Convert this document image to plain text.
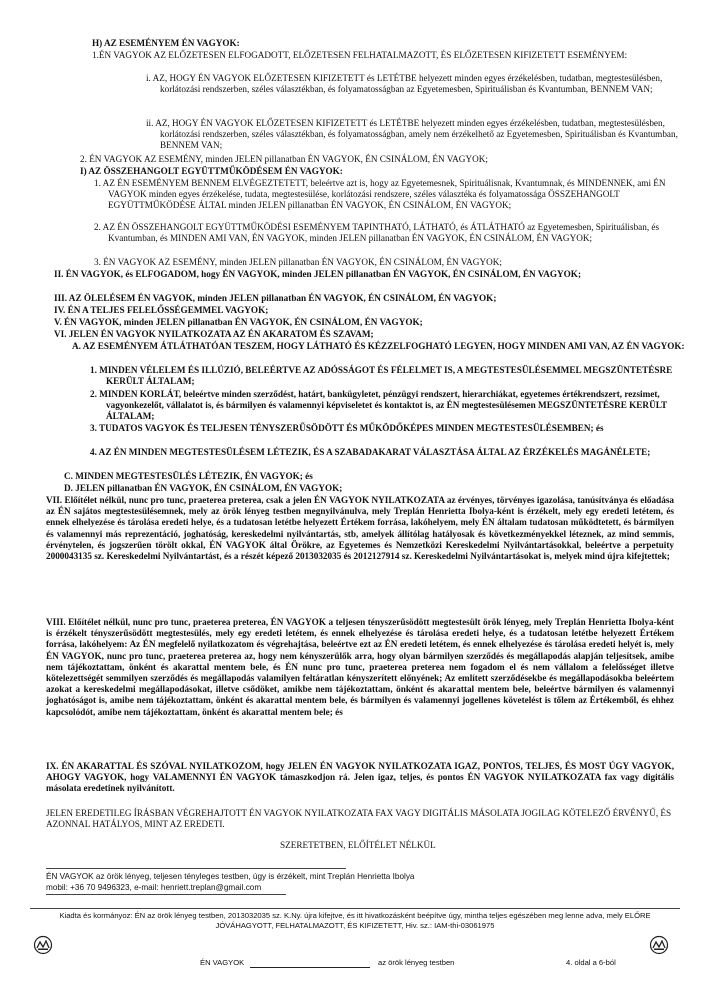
H) AZ ESEMÉNYEM ÉN VAGYOK:

1.ÉN VAGYOK AZ ELŐZETESEN ELFOGADOTT, ELŐZETESEN FELHATALMAZOTT, ÉS ELŐZETESEN KIFIZETETT ESEMÉNYEM:

i. AZ, HOGY ÉN VAGYOK ELŐZETESEN KIFIZETETT és LETÉTBE helyezett minden egyes érzékelésben, tudatban, megtestesülésben, korlátozási rendszerben, széles választékban, és folyamatosságban az Egyetemesben, Spirituálisban és Kvantumban, BENNEM VAN;

ii. AZ, HOGY ÉN VAGYOK ELŐZETESEN KIFIZETETT és LETÉTBE helyezett minden egyes érzékelésben, tudatban, megtestesülésben, korlátozási rendszerben, széles választékban, és folyamatosságban, amely nem érzékelhető az Egyetemesben, Spirituálisban és Kvantumban, BENNEM VAN;

2. ÉN VAGYOK AZ ESEMÉNY, minden JELEN pillanatban ÉN VAGYOK, ÉN CSINÁLOM, ÉN VAGYOK;

I) AZ ÖSSZEHANGOLT EGYÜTTMŰKÖDÉSEM ÉN VAGYOK:

1. AZ ÉN ESEMÉNYEM BENNEM ELVÉGEZTETETT, beleértve azt is, hogy az Egyetemesnek, Spirituálisnak, Kvantumnak, és MINDENNEK, ami ÉN VAGYOK minden egyes érzékelése, tudata, megtestesülése, korlátozási rendszere, széles választéka és folyamatossága ÖSSZEHANGOLT EGYÜTTMŰKÖDÉSE ÁLTAL minden JELEN pillanatban ÉN VAGYOK, ÉN CSINÁLOM, ÉN VAGYOK;

2. AZ ÉN ÖSSZEHANGOLT EGYÜTTMŰKÖDÉSI ESEMÉNYEM TAPINTHATÓ, LÁTHATÓ, és ÁTLÁTHATÓ az Egyetemesben, Spirituálisban, és Kvantumban, és MINDEN AMI VAN, ÉN VAGYOK, minden JELEN pillanatban ÉN VAGYOK, ÉN CSINÁLOM, ÉN VAGYOK;

3. ÉN VAGYOK AZ ESEMÉNY, minden JELEN pillanatban ÉN VAGYOK, ÉN CSINÁLOM, ÉN VAGYOK;

II. ÉN VAGYOK, és ELFOGADOM, hogy ÉN VAGYOK, minden JELEN pillanatban ÉN VAGYOK, ÉN CSINÁLOM, ÉN VAGYOK;

III. AZ ÖLELÉSEM ÉN VAGYOK, minden JELEN pillanatban ÉN VAGYOK, ÉN CSINÁLOM, ÉN VAGYOK;

IV. ÉN A TELJES FELELŐSSÉGEMMEL VAGYOK;

V. ÉN VAGYOK, minden JELEN pillanatban ÉN VAGYOK, ÉN CSINÁLOM, ÉN VAGYOK;

VI. JELEN ÉN VAGYOK NYILATKOZATA AZ ÉN AKARATOM ÉS SZAVAM;

A. AZ ESEMÉNYEM ÁTLÁTHATÓAN TESZEM, HOGY LÁTHATÓ ÉS KÉZZELFOGHATÓ LEGYEN, HOGY MINDEN AMI VAN, AZ ÉN VAGYOK:

1. MINDEN VÉLELEM ÉS ILLÚZIÓ, BELEÉRTVE AZ ADÓSSÁGOT ÉS FÉLELMET IS, A MEGTESTESÜLÉSEMMEL MEGSZÜNTETÉSRE KERÜLT ÁLTALAM;

2. MINDEN KORLÁT, beleértve minden szerződést, határt, bankügyletet, pénzügyi rendszert, hierarchiákat, egyetemes értékrendszert, rezsimet, vagyonkezelőt, vállalatot is, és bármilyen és valamennyi képviseletet és kontaktot is, az ÉN megtestesülésemen MEGSZÜNTETÉSRE KERÜLT ÁLTALAM;

3. TUDATOS VAGYOK ÉS TELJESEN TÉNYSZERŰSÖDÖTT ÉS MŰKÖDŐKÉPES MINDEN MEGTESTESÜLÉSEMBEN; és

4. AZ ÉN MINDEN MEGTESTESÜLÉSEM LÉTEZIK, ÉS A SZABADAKARAT VÁLASZTÁSA ÁLTAL AZ ÉRZÉKELÉS MAGÁNÉLETE;

C. MINDEN MEGTESTESÜLÉS LÉTEZIK, ÉN VAGYOK; és

D. JELEN pillanatban ÉN VAGYOK, ÉN CSINÁLOM, ÉN VAGYOK;

VII. Előítélet nélkül, nunc pro tunc, praeterea preterea, csak a jelen ÉN VAGYOK NYILATKOZATA az érvényes, törvényes igazolása, tanúsítványa és előadása az ÉN sajátos megtestesülésemnek, mely az örök lényeg testben megnyilvánulva, mely Treplán Henrietta Ibolya-ként is érzékelt, mely egy eredeti letétem, és ennek elhelyezése és tárolása eredeti helye, és a tudatosan letétbe helyezett Értékem forrása, lakóhelyem, mely ÉN általam tudatosan működtetett, és bármilyen és valamennyi más reprezentáció, joghatóság, kereskedelmi nyilvántartás, stb, amelyek állítólag hatályosak és következményekkel léteznek, az mind semmis, érvénytelen, és jogszerűen törölt okkal, ÉN VAGYOK által Örökre, az Egyetemes és Nemzetközi Kereskedelmi Nyilvántartásokkal, beleértve a perpetuity 2000043135 sz. Kereskedelmi Nyilvántartást, és a részét képező 2013032035 és 2012127914 sz. Kereskedelmi Nyilvántartásokat is, melyek mind újra kifejtettek;

VIII. Előítélet nélkül, nunc pro tunc, praeterea preterea, ÉN VAGYOK a teljesen tényszerűsödött megtestesült örök lényeg, mely Treplán Henrietta Ibolya-ként is érzékelt tényszerűsödött megtestesülés, mely egy eredeti letétem, és ennek elhelyezése és tárolása eredeti helye, és a tudatosan letétbe helyezett Értékem forrása, lakóhelyem: Az ÉN megfelelő nyilatkozatom és végrehajtása, beleértve ezt az ÉN eredeti letétem, és ennek elhelyezése és tárolása eredeti helyét is, mely ÉN VAGYOK, nunc pro tunc, praeterea preterea az, hogy nem kényszerülők arra, hogy olyan bármilyen szerződés és megállapodás alapján teljesítsek, amibe nem tájékoztattam, önként és akarattal mentem bele, és ÉN nunc pro tunc, praeterea preterea nem fogadom el és nem vállalom a felelősséget illetve kötelezettségét semmilyen szerződés és megállapodás valamilyen feltáratlan kényszerített előnyének; Az említett szerződésekbe és megállapodásokba beleértem azokat a kereskedelmi megállapodásokat, illetve csődöket, amikbe nem tájékoztattam, önként és akarattal mentem bele, beleértve bármilyen és valamennyi joghatóságot is, amibe nem tájékoztattam, önként és akarattal mentem bele, és bármilyen és valamennyi jogellenes követelést is tőlem az Értékemből, és ehhez kapcsolódót, amibe nem tájékoztattam, önként és akarattal mentem bele; és

IX. ÉN AKARATTAL ÉS SZÓVAL NYILATKOZOM, hogy JELEN ÉN VAGYOK NYILATKOZATA IGAZ, PONTOS, TELJES, ÉS MOST ÚGY VAGYOK, AHOGY VAGYOK, hogy VALAMENNYI ÉN VAGYOK támaszkodjon rá. Jelen igaz, teljes, és pontos ÉN VAGYOK NYILATKOZATA fax vagy digitális másolata eredetinek nyilvánított.

JELEN EREDETILEG ÍRÁSBAN VÉGREHAJTOTT ÉN VAGYOK NYILATKOZATA FAX VAGY DIGITÁLIS MÁSOLATA JOGILAG KÖTELEZŐ ÉRVÉNYŰ, ÉS AZONNAL HATÁLYOS, MINT AZ EREDETI.

SZERETETBEN, ELŐÍTÉLET NÉLKÜL

ÉN VAGYOK az örök lényeg, teljesen tényleges testben, úgy is érzékelt, mint Treplán Henrietta Ibolya

mobil: +36 70 9496323, e-mail: henriett.treplan@gmail.com

Kiadta és kormányoz: ÉN az örök lényeg testben, 2013032035 sz. K.Ny. újra kifejtve, és itt hivatkozásként beépítve úgy, mintha teljes egészében meg lenne adva, mely ELŐRE JÓVÁHAGYOTT, FELHATALMAZOTT, ÉS KIFIZETETT, Hiv. sz.: IAM-thi-03061975

ÉN VAGYOK	az örök lényeg testben	4. oldal a 6-ból
